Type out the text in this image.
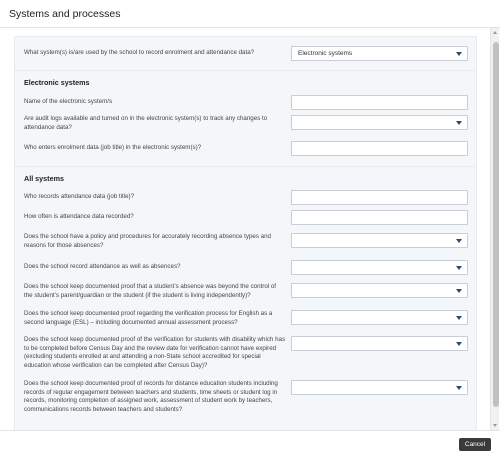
Systems and processes
What system(s) is/are used by the school to record enrolment and attendance data?	Electronic systems
Electronic systems
Name of the electronic system/s
Are audit logs available and turned on in the electronic system(s) to track any changes to attendance data?
Who enters enrolment data (job title) in the electronic system(s)?
All systems
Who records attendance data (job title)?
How often is attendance data recorded?
Does the school have a policy and procedures for accurately recording absence types and reasons for those absences?
Does the school record attendance as well as absences?
Does the school keep documented proof that a student’s absence was beyond the control of the student’s parent/guardian or the student (if the student is living independently)?
Does the school keep documented proof regarding the verification process for English as a second language (ESL) – including documented annual assessment process?
Does the school keep documented proof of the verification for students with disability which has to be completed before Census Day and the review date for verification cannot have expired (excluding students enrolled at and attending a non-State school accredited for special education whose verification can be completed after Census Day)?
Does the school keep documented proof of records for distance education students including records of regular engagement between teachers and students, time sheets or student log in records, monitoring completion of assigned work, assessment of student work by teachers, communications records between teachers and students?
Cancel
